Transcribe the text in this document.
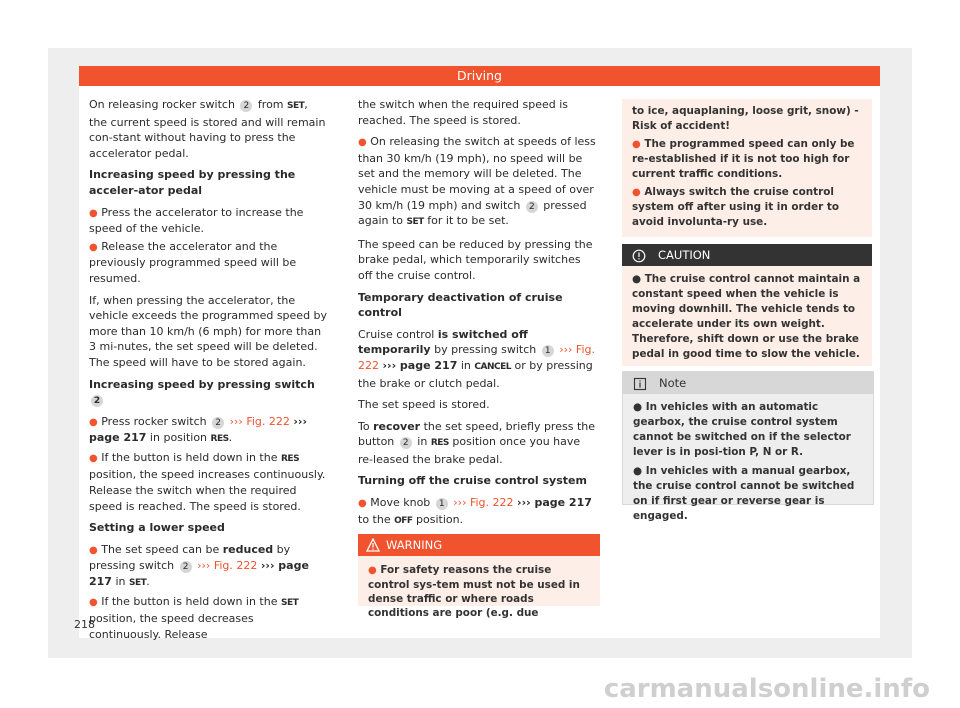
Driving

On releasing rocker switch 2 from SET, the current speed is stored and will remain con-stant without having to press the accelerator pedal.

Increasing speed by pressing the acceler-ator pedal

● Press the accelerator to increase the speed of the vehicle.

● Release the accelerator and the previously programmed speed will be resumed.

If, when pressing the accelerator, the vehicle exceeds the programmed speed by more than 10 km/h (6 mph) for more than 3 mi-nutes, the set speed will be deleted. The speed will have to be stored again.

Increasing speed by pressing switch 2

● Press rocker switch 2 ››› Fig. 222 ››› page 217 in position RES.

● If the button is held down in the RES position, the speed increases continuously. Release the switch when the required speed is reached. The speed is stored.

Setting a lower speed

● The set speed can be reduced by pressing switch 2 ››› Fig. 222 ››› page 217 in SET.

● If the button is held down in the SET position, the speed decreases continuously. Release

the switch when the required speed is reached. The speed is stored.

● On releasing the switch at speeds of less than 30 km/h (19 mph), no speed will be set and the memory will be deleted. The vehicle must be moving at a speed of over 30 km/h (19 mph) and switch 2 pressed again to SET for it to be set.

The speed can be reduced by pressing the brake pedal, which temporarily switches off the cruise control.

Temporary deactivation of cruise control

Cruise control is switched off temporarily by pressing switch 1 ››› Fig. 222 ››› page 217 in CANCEL or by pressing the brake or clutch pedal.

The set speed is stored.

To recover the set speed, briefly press the button 2 in RES position once you have re-leased the brake pedal.

Turning off the cruise control system

● Move knob 1 ››› Fig. 222 ››› page 217 to the OFF position.

WARNING
● For safety reasons the cruise control sys-tem must not be used in dense traffic or where roads conditions are poor (e.g. due

to ice, aquaplaning, loose grit, snow) - Risk of accident!

● The programmed speed can only be re-established if it is not too high for current traffic conditions.

● Always switch the cruise control system off after using it in order to avoid involunta-ry use.

CAUTION
● The cruise control cannot maintain a constant speed when the vehicle is moving downhill. The vehicle tends to accelerate under its own weight. Therefore, shift down or use the brake pedal in good time to slow the vehicle.
Note

● In vehicles with an automatic gearbox, the cruise control system cannot be switched on if the selector lever is in posi-tion P, N or R.

● In vehicles with a manual gearbox, the cruise control cannot be switched on if first gear or reverse gear is engaged.

218
carmanualsonline.info
